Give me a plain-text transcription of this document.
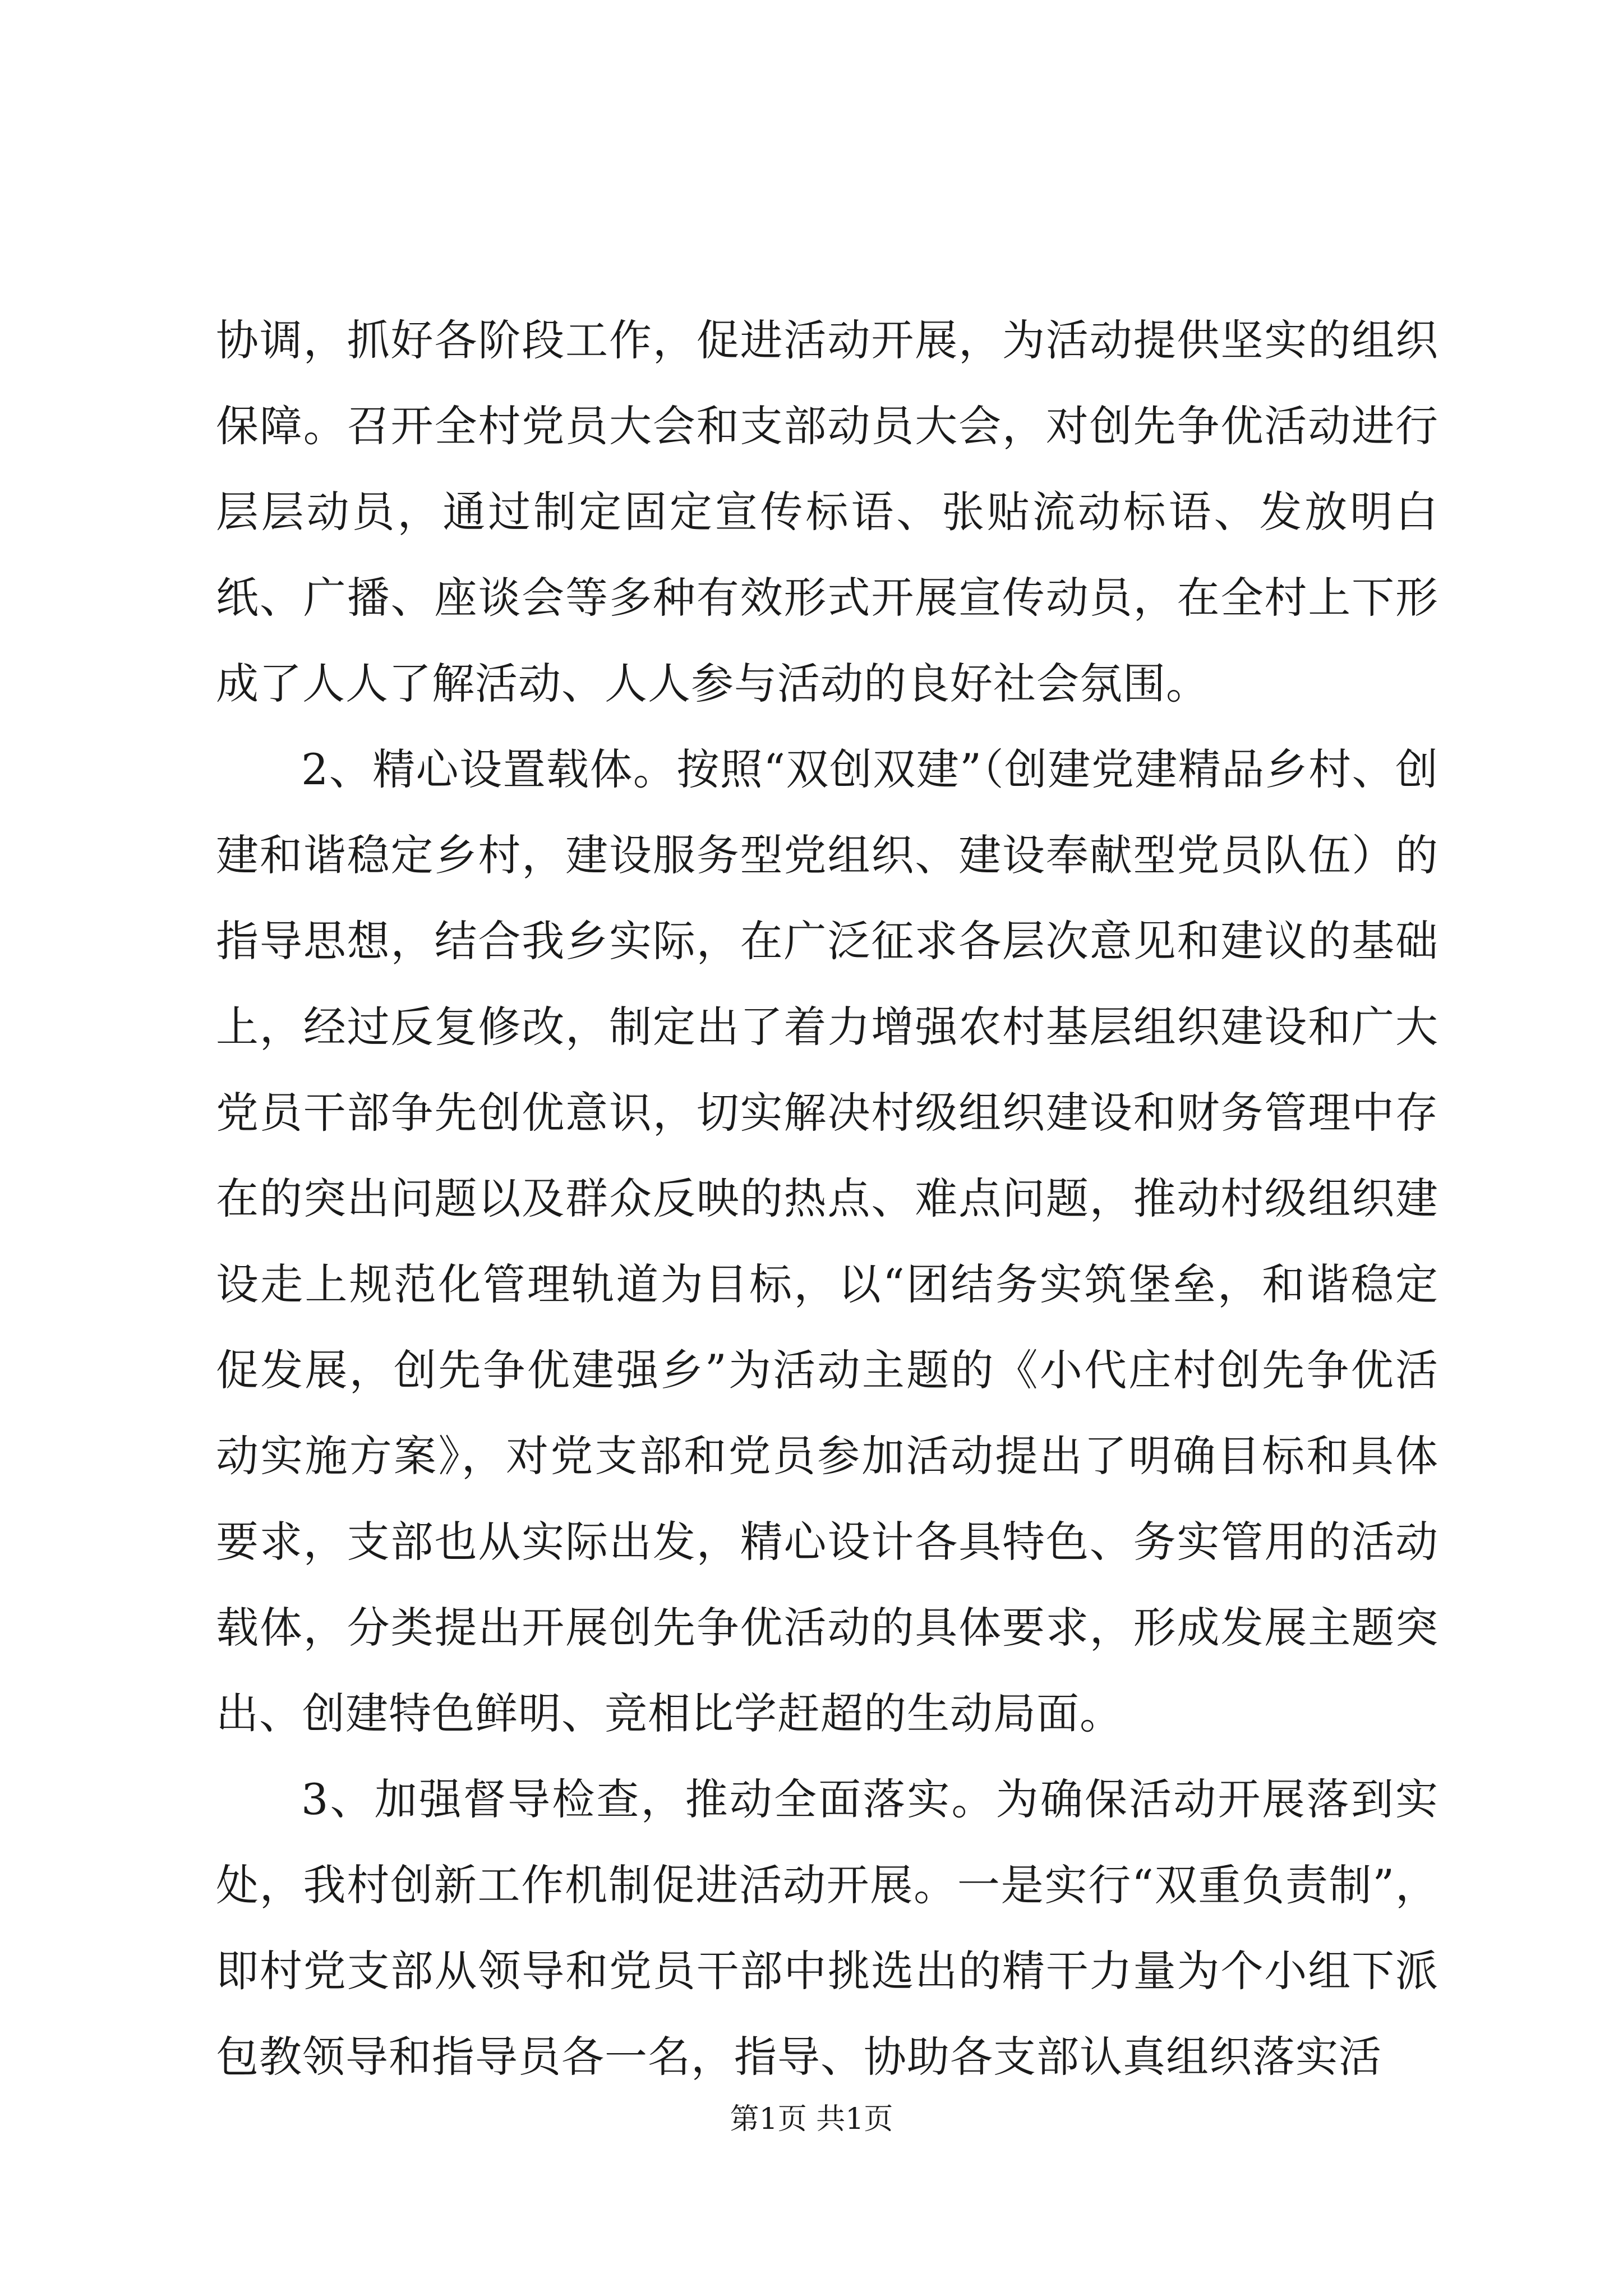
协调，抓好各阶段工作，促进活动开展，为活动提供坚实的组织保障。召开全村党员大会和支部动员大会，对创先争优活动进行层层动员，通过制定固定宣传标语、张贴流动标语、发放明白纸、广播、座谈会等多种有效形式开展宣传动员，在全村上下形成了人人了解活动、人人参与活动的良好社会氛围。

2、精心设置载体。按照“双创双建”（创建党建精品乡村、创建和谐稳定乡村，建设服务型党组织、建设奉献型党员队伍）的指导思想，结合我乡实际，在广泛征求各层次意见和建议的基础上，经过反复修改，制定出了着力增强农村基层组织建设和广大党员干部争先创优意识，切实解决村级组织建设和财务管理中存在的突出问题以及群众反映的热点、难点问题，推动村级组织建设走上规范化管理轨道为目标，以“团结务实筑堡垒，和谐稳定促发展，创先争优建强乡”为活动主题的《小代庄村创先争优活动实施方案》，对党支部和党员参加活动提出了明确目标和具体要求，支部也从实际出发，精心设计各具特色、务实管用的活动载体，分类提出开展创先争优活动的具体要求，形成发展主题突出、创建特色鲜明、竞相比学赶超的生动局面。

3、加强督导检查，推动全面落实。为确保活动开展落到实处，我村创新工作机制促进活动开展。一是实行“双重负责制”，即村党支部从领导和党员干部中挑选出的精干力量为个小组下派包教领导和指导员各一名，指导、协助各支部认真组织落实活

第1页 共1页
